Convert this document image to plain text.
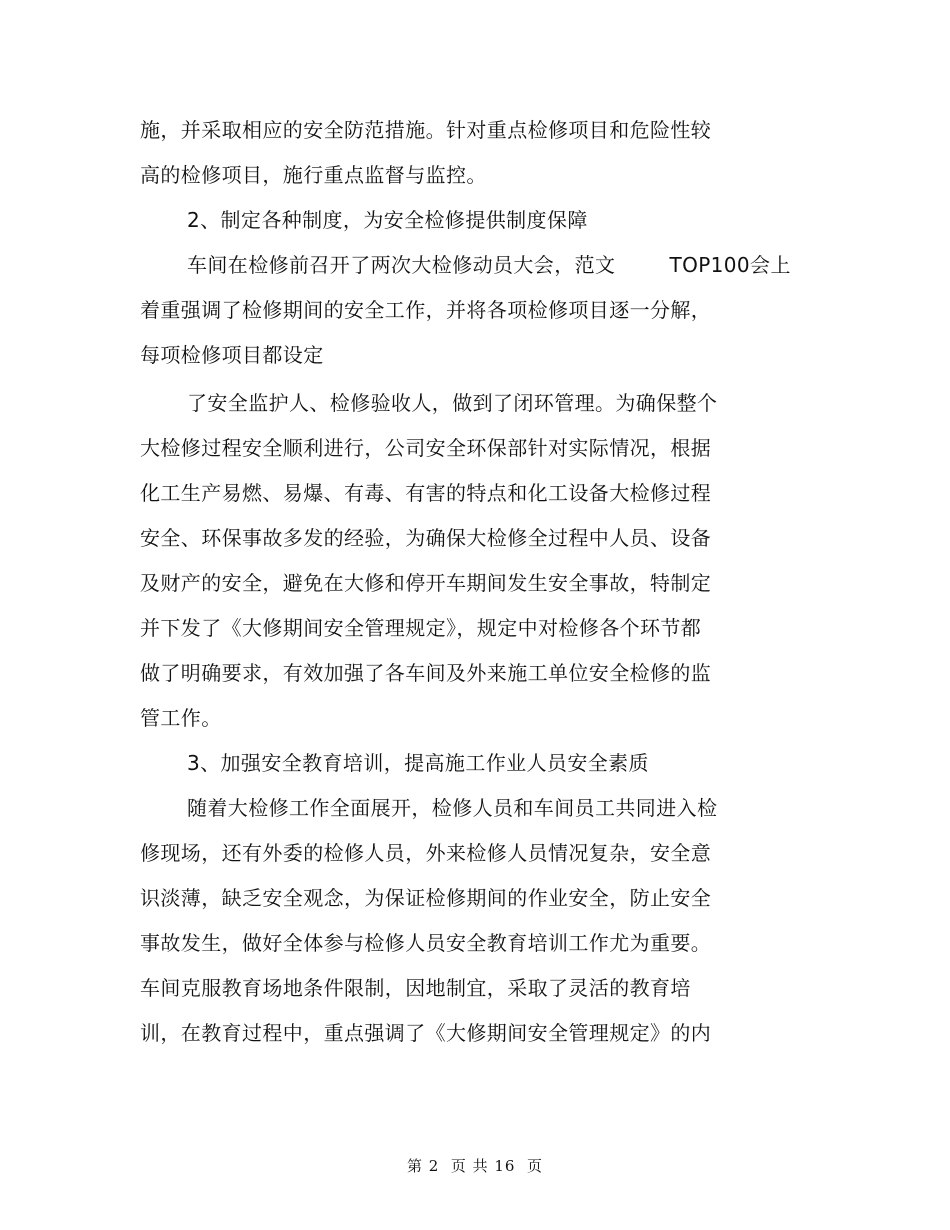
施，并采取相应的安全防范措施。针对重点检修项目和危险性较
高的检修项目，施行重点监督与监控。
2、制定各种制度，为安全检修提供制度保障
车间在检修前召开了两次大检修动员大会，范文        TOP100会上
着重强调了检修期间的安全工作，并将各项检修项目逐一分解，
每项检修项目都设定
了安全监护人、检修验收人，做到了闭环管理。为确保整个
大检修过程安全顺利进行，公司安全环保部针对实际情况，根据
化工生产易燃、易爆、有毒、有害的特点和化工设备大检修过程
安全、环保事故多发的经验，为确保大检修全过程中人员、设备
及财产的安全，避免在大修和停开车期间发生安全事故，特制定
并下发了《大修期间安全管理规定》，规定中对检修各个环节都
做了明确要求，有效加强了各车间及外来施工单位安全检修的监
管工作。
3、加强安全教育培训，提高施工作业人员安全素质
随着大检修工作全面展开，检修人员和车间员工共同进入检
修现场，还有外委的检修人员，外来检修人员情况复杂，安全意
识淡薄，缺乏安全观念，为保证检修期间的作业安全，防止安全
事故发生，做好全体参与检修人员安全教育培训工作尤为重要。
车间克服教育场地条件限制，因地制宜，采取了灵活的教育培
训，在教育过程中，重点强调了《大修期间安全管理规定》的内
第 2  页 共 16  页
